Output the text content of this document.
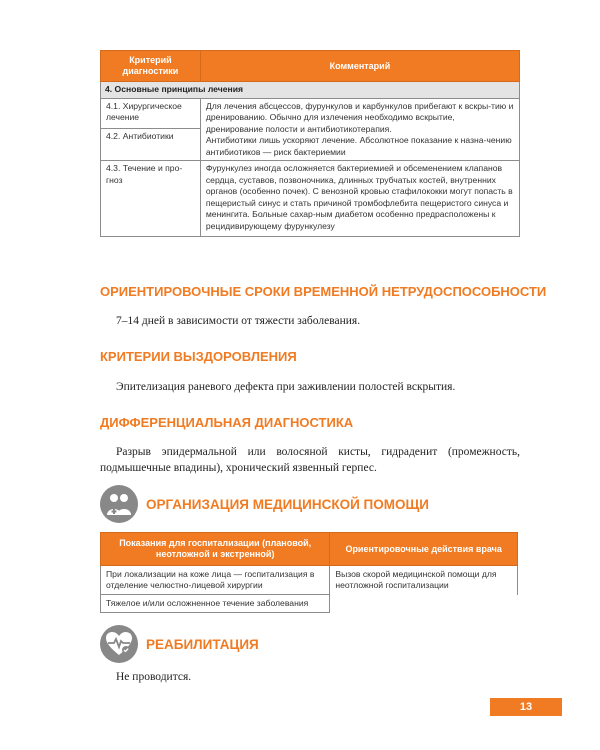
Критерий диагностики	Комментарий
4. Основные принципы лечения	
4.1. Хирургическое лечение	Для лечения абсцессов, фурункулов и карбункулов прибегают к вскры-тию и дренированию. Обычно для излечения необходимо вскрытие, дренирование полости и антибиотикотерапия.
Антибиотики лишь ускоряют лечение. Абсолютное показание к назна-чению антибиотиков — риск бактериемии
4.2. Антибиотики	
4.3. Течение и про-гноз	Фурункулез иногда осложняется бактериемией и обсеменением клапанов сердца, суставов, позвоночника, длинных трубчатых костей, внутренних органов (особенно почек). С венозной кровью стафилококки могут попасть в пещеристый синус и стать причиной тромбофлебита пещеристого синуса и менингита. Больные сахар-ным диабетом особенно предрасположены к рецидивирующему фурункулезу
ОРИЕНТИРОВОЧНЫЕ СРОКИ ВРЕМЕННОЙ НЕТРУДОСПОСОБНОСТИ

7–14 дней в зависимости от тяжести заболевания.

КРИТЕРИИ ВЫЗДОРОВЛЕНИЯ

Эпителизация раневого дефекта при заживлении полостей вскрытия.

ДИФФЕРЕНЦИАЛЬНАЯ ДИАГНОСТИКА

Разрыв эпидермальной или волосяной кисты, гидраденит (промежность, подмышечные впадины), хронический язвенный герпес.

ОРГАНИЗАЦИЯ МЕДИЦИНСКОЙ ПОМОЩИ
Показания для госпитализации (плановой, неотложной и экстренной)	Ориентировочные действия врача
При локализации на коже лица — госпитализация в отделение челюстно-лицевой хирургии	Вызов скорой медицинской помощи для неотложной госпитализации
Тяжелое и/или осложненное течение заболевания	
РЕАБИЛИТАЦИЯ

Не проводится.

13
